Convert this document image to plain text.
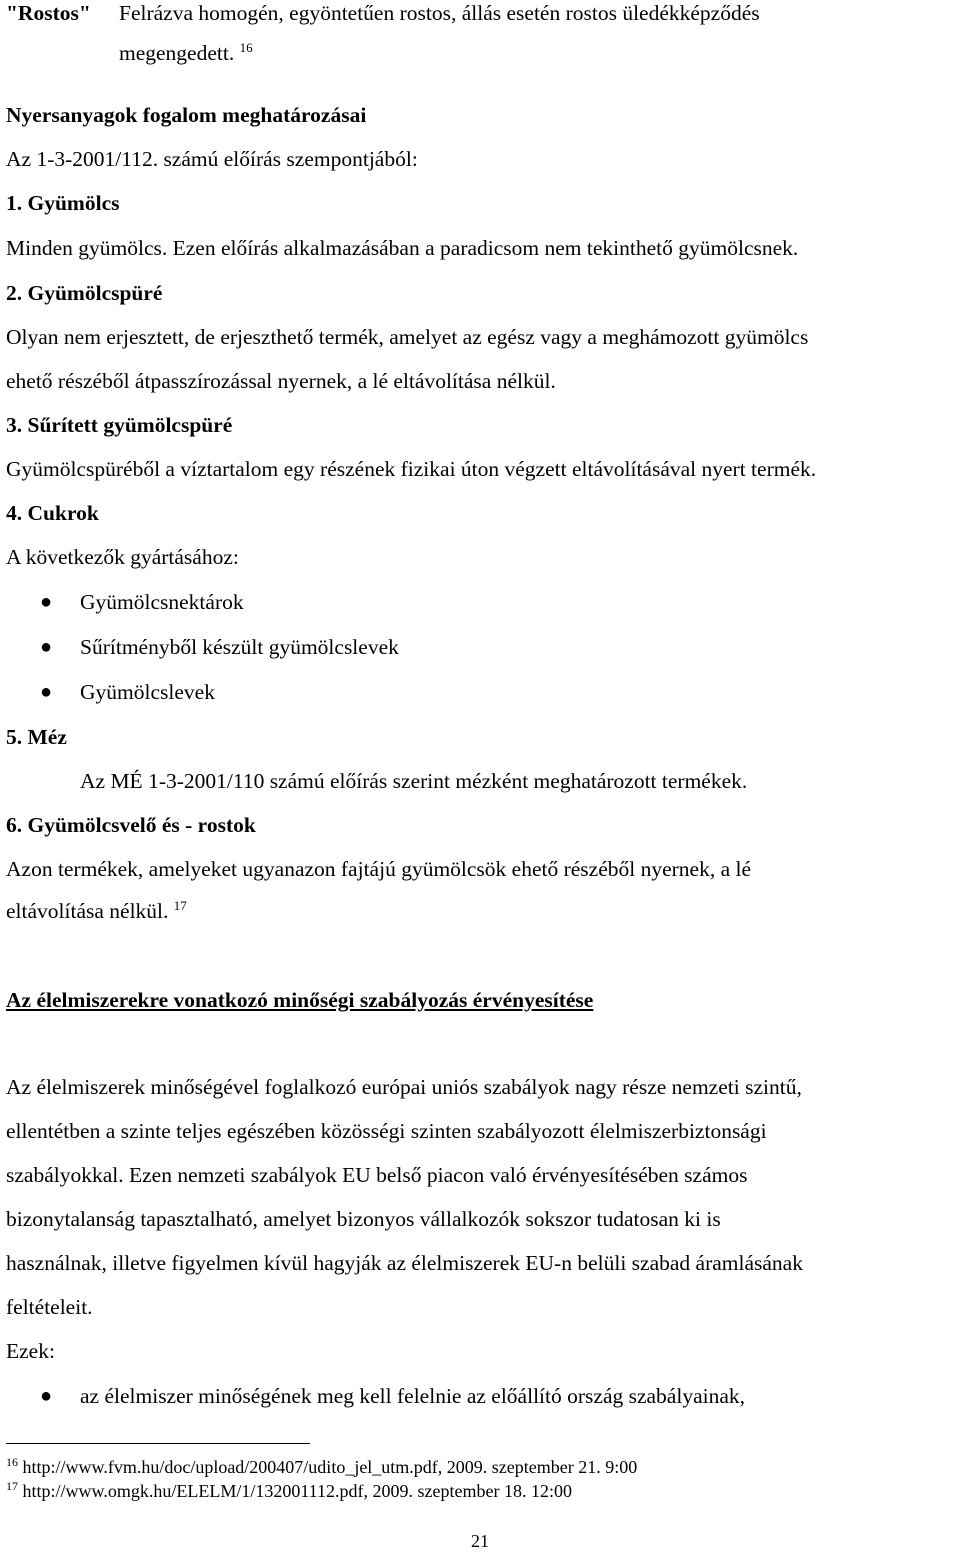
"Rostos" Felrázva homogén, egyöntetűen rostos, állás esetén rostos üledékképződés
megengedett. $^{16}$
Nyersanyagok fogalom meghatározásai
Az 1-3-2001/112. számú előírás szempontjából:
1. Gyümölcs
Minden gyümölcs. Ezen előírás alkalmazásában a paradicsom nem tekinthető gyümölcsnek.
2. Gyümölcspüré
Olyan nem erjesztett, de erjeszthető termék, amelyet az egész vagy a meghámozott gyümölcs
ehető részéből átpasszírozással nyernek, a lé eltávolítása nélkül.
3. Sűrített gyümölcspüré
Gyümölcspüréből a víztartalom egy részének fizikai úton végzett eltávolításával nyert termék.
4. Cukrok
A következők gyártásához:
● Gyümölcsnektárok
● Sűrítményből készült gyümölcslevek
● Gyümölcslevek
5. Méz
Az MÉ 1-3-2001/110 számú előírás szerint mézként meghatározott termékek.
6. Gyümölcsvelő és - rostok
Azon termékek, amelyeket ugyanazon fajtájú gyümölcsök ehető részéből nyernek, a lé
eltávolítása nélkül. $^{17}$
Az élelmiszerekre vonatkozó minőségi szabályozás érvényesítése
Az élelmiszerek minőségével foglalkozó európai uniós szabályok nagy része nemzeti szintű,
ellentétben a szinte teljes egészében közösségi szinten szabályozott élelmiszerbiztonsági
szabályokkal. Ezen nemzeti szabályok EU belső piacon való érvényesítésében számos
bizonytalanság tapasztalható, amelyet bizonyos vállalkozók sokszor tudatosan ki is
használnak, illetve figyelmen kívül hagyják az élelmiszerek EU-n belüli szabad áramlásának
feltételeit.
Ezek:
● az élelmiszer minőségének meg kell felelnie az előállító ország szabályainak,
$^{16}$ http://www.fvm.hu/doc/upload/200407/udito_jel_utm.pdf, 2009. szeptember 21. 9:00
$^{17}$ http://www.omgk.hu/ELELM/1/132001112.pdf, 2009. szeptember 18. 12:00
21
